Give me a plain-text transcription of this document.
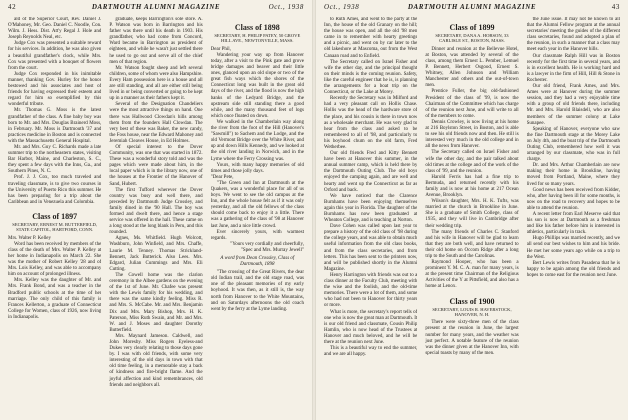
42	DARTMOUTH ALUMNI MAGAZINE	Oct., 1938

ald of the Superior Court, Rev. Daniel J. O'Mahoney, Mr. Geo. Daniel C. Noodle, Con. Wilm. J. Hess. Dist. Att'y Regal J. Hole and Joseph Reynolds Neal, etc.

Judge Cox was presented a suitable reward for his services. In addition, he was also given a beautiful grandfather's clock, while Mrs. Cox was presented with a bouquet of flowers from the court.

Judge Cox responded in his inimitable manner, thanking Gov. Hurley for the honor bestowed and his associates and host of friends for having expressed their esteem and regard for him so exemplified by this wonderful tribute.

Mr. Thomas G. Moss is the latest grandfather of the class. A fine baby boy was born to Mr. and Mrs. Douglas Brainerd Moss, in February. Mr. Moss is Dartmouth '37 and practices medicine in Boston and is connected with the Massachusetts General Hospital.

Mr. and Mrs. Guy C. Richards made a late summer trip to the northeastern states, visiting Bar Harbor, Maine, and Charleston, S. C., they spent a few days with the Inns, Ga., and Southern Pines, N. C.

Prof. J. J. Cox, too much traveled and traveling classmate, is to give two courses in the University of Puerto Rico this summer. He has been preparing for a trip about the Caribbean and in Venezuela and Colombia.

Class of 1897
SECRETARY, ERNEST M. BUTTERFIELD, STATE CAPITOL, HARTFORD, CONN.

Mrs. Walter P. Kelley

Word has been received by members of the class of the death of Mrs. Walter P. Kelley at her home in Indianapolis on March 22. She was the mother of Robert Kelley '28 and of Mrs. Lois Kelley, and was able to accompany him on account of prolonged illness.

Mrs. Kelley was the daughter of Mr. and Mrs. Frank Bond, and was a teacher in the Bradford public schools at the time of her marriage. The only child of this family is Frances Kellerton, a graduate of Connecticut College for Women, class of 1926, now living in Indianapolis.

graduate, keeps Barrington's sole store. A. P. Watson was born in Barrington and his father was there until his death in 1903. His grandfather, who had come from Concord, Ward became in Barrington as president of eighteen, and while he wasn't just settled there he used to go out and serve all of the chief men of that region.

Mr. Watson fought sheep and left several children, some of whom were also Hampshire. Every Ham possession here is a house and all are still standing, and all are either still being lived in or being converted or going to be kept up in a manner as their fathers kept it.

Several of the Designation Chandeliers were the most attractive things on hand. One there was Hallwood Clowdan's hills among them from the founders Hall Clowdan. The very best of these was Baker, the new candy, the Foss house, near the Edward Mahoney and Jeremiah Cleaves House, in Ed Holmes.

Of special interest to the Dover Community, was one that was started in 1872. These was a wonderful story told and was the pages which were made about him, in the local paper which is in the library now, one of the houses at the Frontier of the Hanover of Sand, Hubert.

The first Tufford wherever the Dover country was busy and well there, and preceded by Dartmouth Judge Crossley, and family dined in the '90 Hall. The boy was formed and dwelt there, and hence a stage service was offered in the hall. These came on a long stood at the long blank in Peru, and this rounded.

Agnes, Ms. Whitfield. Hugh Wolcott, Washburn, John Winfield, and Mrs. Chaffe, Laurie M. Tenney. Thomas Strickland-Bennett, Jack Butterick. Also Lees. Mrs. Edgard, Julian Cummings and Mrs. Eli Cutting.

The Cowell home was the clarion ceremony in the Albee gardens on the evening of the 1st of June. Mr. Chafee was present with the Lewis family for his wedding, and there was the same kindly feeling. Miss R. and Mrs. S. McCabe. Mr. and Mrs. Benjamin Dix and Mrs. Mary Bishop, Mrs. H. K. Paterson, Miss Ruth Swain, and Mr. and Mrs. W. and J. Moses and daughter Dorothy Butterfield.

Mrs. Maynard Jameson. Caldwell, and John Moresby. Miss Rogers Eyeless-and Dukes very clearly relating to those days gone by. I was with old friends, with some very interesting of the old days in town with that old time feeling, in a memorable stay a back of kindness and fire-bright flame. And the joyful affection and kind remembrances, old friends and neighbors all.

Class of 1898
SECRETARY, H. PHILIP PATEY, 50 GROVE HILL AVE., NEWTONVILLE, MASS.

Dear Phil,

Wandering your way up from Hanover today, after a visit to the Pink gate and grove bridge damages and beaver and their little ones, glanced upon an old slope or two of the great fish ways which the shores of the Connecticut long was built in the great old days of the river, and the flood is now the high banks of the Ledyard Bridge, and the upstream side still standing there a good while, and the many thousand feet of logs which once floated on down.

We walked in the Chamberlain way along the river from the foot of the Hill (Hanover's "Sawmill") to Sachem and the Lodge, and the old Vermont Bridge over the White River, and up and down Hills Kennedy, and we looked at the old river landing in Norwich, and in the Lyme where the Ferry Crossing was.

Yours, with many happy memories of old times and those jolly days.

"Dear Pete,

"The Green and Inn at Dartmouth at the Quakers, was a wonderful place for all of us boys. We went to see the old campus at the Inn, and the whole house felt as if it was only yesterday, and all the old fellows of the class should come back to enjoy it a little. There was a gathering of the class of '98 at Hanover last June, and a nice little crowd.

Ever sincerely yours, with warmest regards.

"Yours very cordially and cheerfully,

"Spec and Mrs. Murray Jewell"

A word from Dean Crossley, Class of Dartmouth, 1898

"The crossing of the Great Rivers, the dear old Indian trail, and the old stage road, was one of the pleasant memories of my early boyhood. It was then, as it still is, the way north from Hanover to the White Mountains, and on Saturdays afternoons the old coach went by the ferry at the Lyme landing.

Oct., 1938	DARTMOUTH ALUMNI MAGAZINE	43

to Ruth Ames, and went to the party at the Inn, the house of the old Granary on the hill; the house was open, and all the old '98 men came in to remember with hearty greetings and a picnic, and went on by car later to the old lakeshore at Mascoma, out from the West Canaan road and to Enfield.

The Secretary called on Israel Fisher and wife the other day, and the principal thought on their minds is the coming reunion. Safety, like the careful engineer that he is, is planning the arrangements for a boat trip on the Connecticut, or the Lake at Morey.

Recently the Secretary was in Milford and had a very pleasant call on Hollis Chase. Hollis was the head of the hardware store of the place, and his cousin is there in town now as a wholesale merchant. He was very glad to hear from the class and asked to be remembered to all of '98, and particularly to his boyhood chum on the old farm, Fred Wetherbee.

Our old friends Fred and Kitty Bennett have been at Hanover this summer, in the annual summer camp, which is held there by the Dartmouth Outing Club. The old boys enjoyed the camping again, and are well and hearty and went up the Connecticut as far as Orford and back.

We have noticed that the Clarence Burnhams have been enjoying themselves again this year in Florida. The daughter of the Burnhams has now been graduated at Wheaton College, and is teaching at Norton.

Dave Cohen was called upon last year to prepare a history of the old class of '98 during the college years, and was able to obtain much useful information from the old class books, and from the class secretaries, and from letters. This has been sent to the printers now, and will be published shortly in the Alumni Magazine.

Henry Harrington with friends was out to a class dinner at the Faculty Club, meeting with the wise and the foolish, and the old-time memories. There were a lot of them, and some who had not been to Hanover for thirty years or more.

What is more, the secretary's report tells of one who is now the great man at Dartmouth. It is our old friend and classmate, Cousin Philip Hamlin, who is now head of the Trustees at Hanover and much beloved, and he will be there at the reunion next June.

This is a beautiful way to end the summer, and we are all happy.

Class of 1899
SECRETARY, DANA A. HOBSON, 33 CARLISLE ST., BOSTON, MASS.

Dinner and reunion at the Bellevue Hotel, at Boston, was attended by several of the class, among them Ernest L. Pember, Lemuel P. Bennett, Herbert Osgood, Ernest S. Whitney, Allen Johnson and William Manchester and others and the out-of-town men.

Prentice Fuller, the big old-fashioned President of the class of '99, is now the Chairman of the Committee which has charge of the reunion next June, and will write to all of the members to come.

Dennis Crowley, is now living at his home at 216 Boylston Street, in Boston, and is able to see his old friends now and then. He still is interested very much in the old college and in all the news from Hanover.

The Secretary called on Israel Fisher and wife the other day, and the pair talked about old times at the college and of the work of the class of '99, and the reunion.

Harold Ferris has had a fine trip to Bermuda, and returned recently with his family and is now at his home at 217 Ocean Avenue, Brooklyn.

Wilson's daughter, Mrs. H. K. Tufts, was married at the church in Brookline in June. She is a graduate of Smith College, class of 1935, and they will live in Cambridge after their wedding trip.

The many friends of Charles C. Stanford and his wife in Hanover will be glad to learn that they are both well, and have returned to their old home on Occom Ridge after a long trip to the South and the Carolinas.

Raymond Hooper, who has been a prominent Y. M. C. A. man for many years, is at the present time Chairman of the Religious Activities of the Y at Pittsfield, and also has a home at Lenox.

Class of 1900
SECRETARY, LOUIS R. HAVERSTOCK, HANOVER, N. H.

There were sixty-three men of the class present at the reunion in June, the largest number for many years, and the weather was just perfect. A notable feature of the reunion was the dinner given at the Hanover Inn, with special toasts by many of the men.

the June issue. It may not be known to all that the Alumni Fellow program at the annual secretaries' meeting the guides of the different class secretaries, found and adopted a plan of the reunion, in such a manner that a class may meet each year in the Hanover hills.

Our classmate Ralph Hill was in Boston recently for the first time in several years, and is in excellent health. He is working hard and is a lawyer in the firm of Hill, Hill & Stone in Rochester.

Our old friend, Frank Ames, and Mrs. Ames were at Hanover during the summer session, and they had a very enjoyable time with a group of old friends there, including Mr. and Mrs. Harold Blaisdell, who are also members of the summer colony at Lake Sunapee.

Speaking of Hanover, everyone who saw the fine Dartmouth stage at the Morey Lake on July 4th, and the boat trip of the Dartmouth Outing Club, remembered how well it was arranged by our classmate, who was in full charge.

Dr. and Mrs. Arthur Chamberlain are now making their home in Brookline, having moved from Portland, Maine, where they lived for so many years.

Good news has been received from Kidder, who, after having been ill for some months, is now on the road to recovery and hopes to be able to attend the reunion.

A recent letter from Earl Meserve said that his son is now at Dartmouth as a freshman and like his father before him is interested in athletics, particularly in track.

Hugo Phillips was married recently, and we all send our best wishes to him and his bride. He met her some years ago while on a trip to the West.

Bert Lewis writes from Pasadena that he is happy to be again among the old friends and hopes to come east for the reunion next June.
